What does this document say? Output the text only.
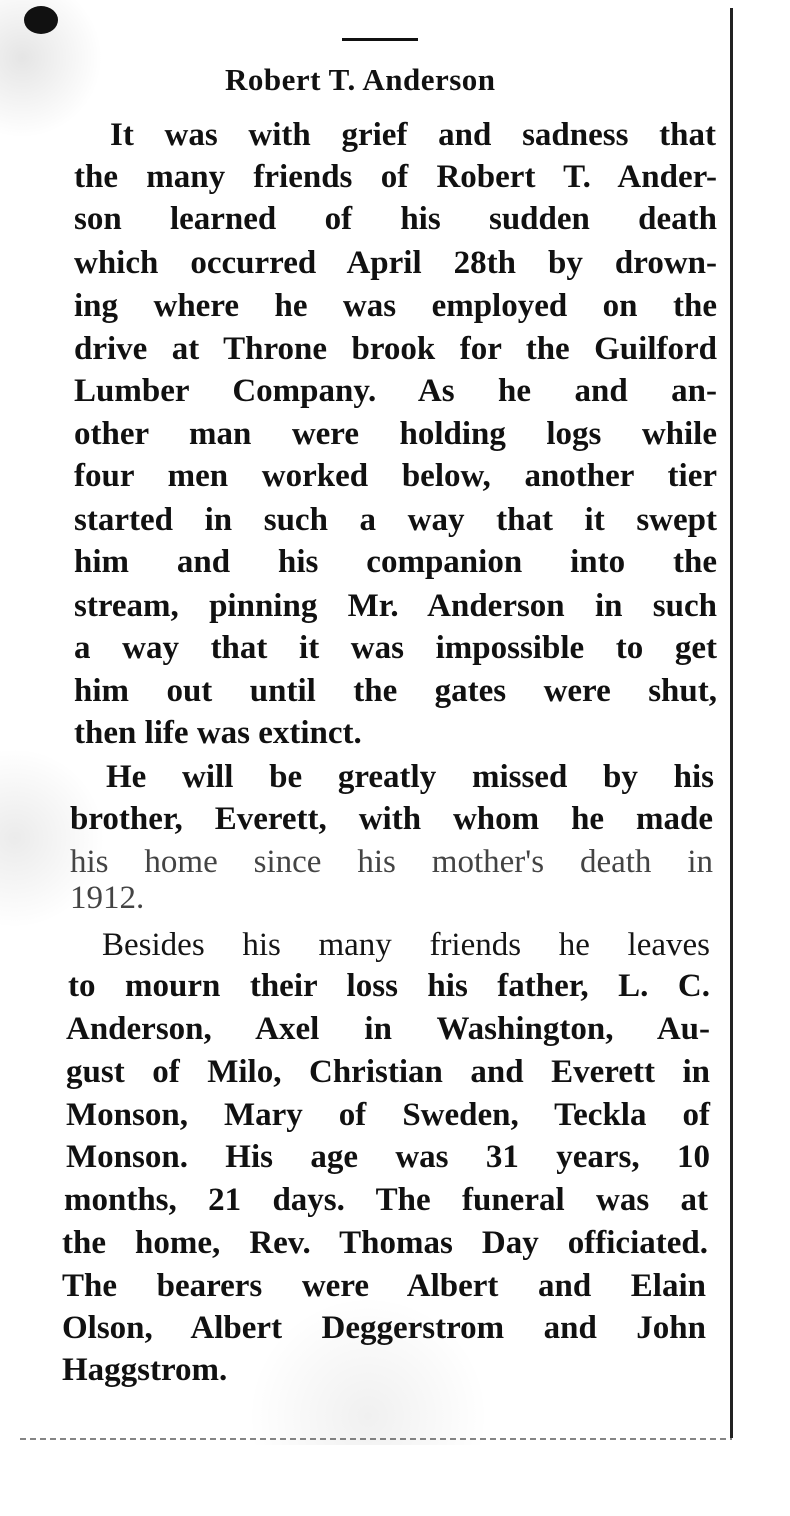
Robert T. Anderson
It was with grief and sadness that
the many friends of Robert T. Ander-
son learned of his sudden death
which occurred April 28th by drown-
ing where he was employed on the
drive at Throne brook for the Guilford
Lumber Company. As he and an-
other man were holding logs while
four men worked below, another tier
started in such a way that it swept
him and his companion into the
stream, pinning Mr. Anderson in such
a way that it was impossible to get
him out until the gates were shut,
then life was extinct.
He will be greatly missed by his
brother, Everett, with whom he made
his home since his mother's death in
1912.
Besides his many friends he leaves
to mourn their loss his father, L. C.
Anderson, Axel in Washington, Au-
gust of Milo, Christian and Everett in
Monson, Mary of Sweden, Teckla of
Monson. His age was 31 years, 10
months, 21 days. The funeral was at
the home, Rev. Thomas Day officiated.
The bearers were Albert and Elain
Olson, Albert Deggerstrom and John
Haggstrom.
